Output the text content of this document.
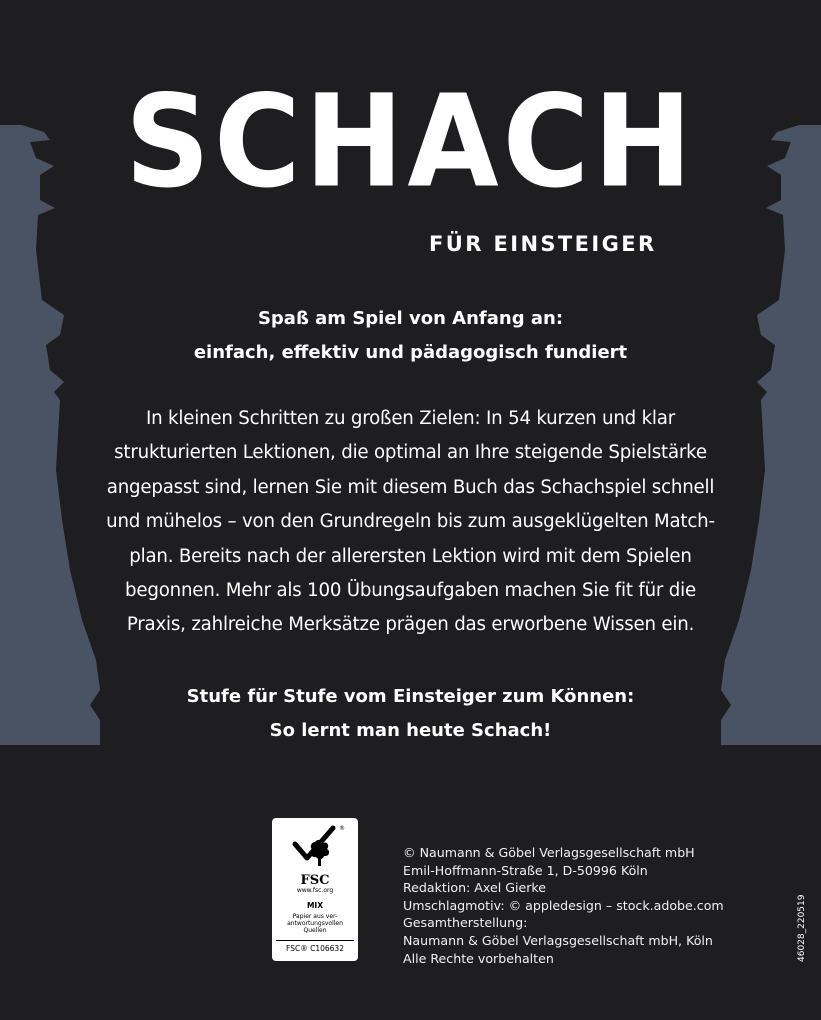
SCHACH
FÜR EINSTEIGER
Spaß am Spiel von Anfang an:
einfach, effektiv und pädagogisch fundiert
In kleinen Schritten zu großen Zielen: In 54 kurzen und klar
strukturierten Lektionen, die optimal an Ihre steigende Spielstärke
angepasst sind, lernen Sie mit diesem Buch das Schachspiel schnell
und mühelos – von den Grundregeln bis zum ausgeklügelten Match-
plan. Bereits nach der allerersten Lektion wird mit dem Spielen
begonnen. Mehr als 100 Übungsaufgaben machen Sie fit für die
Praxis, zahlreiche Merksätze prägen das erworbene Wissen ein.
Stufe für Stufe vom Einsteiger zum Können:
So lernt man heute Schach!
®
FSC
www.fsc.org
MIX
Papier aus ver-
antwortungsvollen
Quellen
FSC® C106632
© Naumann & Göbel Verlagsgesellschaft mbH
Emil-Hoffmann-Straße 1, D-50996 Köln
Redaktion: Axel Gierke
Umschlagmotiv: © appledesign – stock.adobe.com
Gesamtherstellung:
Naumann & Göbel Verlagsgesellschaft mbH, Köln
Alle Rechte vorbehalten	46028_220519
